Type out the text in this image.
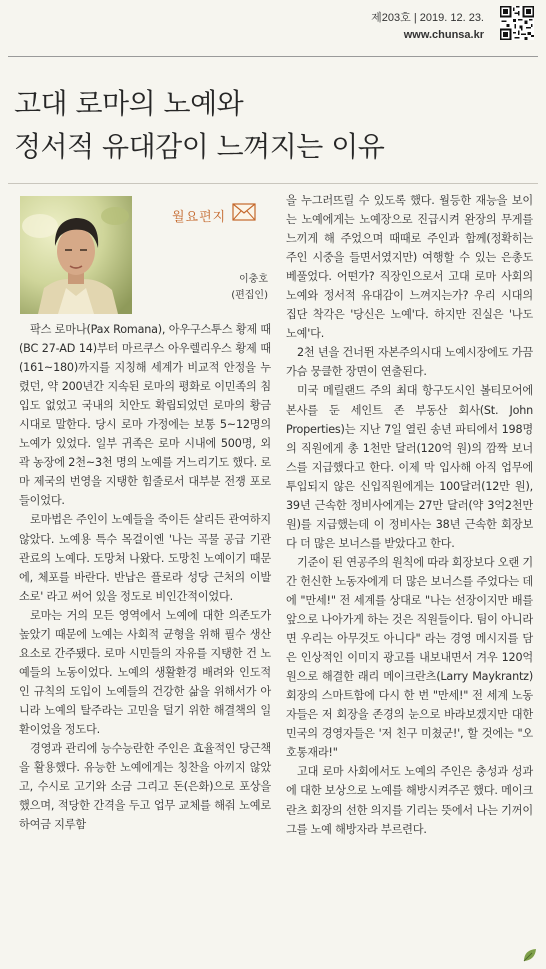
제203호 | 2019. 12. 23.
www.chunsa.kr
고대 로마의 노예와
정서적 유대감이 느껴지는 이유
월요편지
이충호
(편집인)

팍스 로마나(Pax Romana), 아우구스투스 황제 때(BC 27-AD 14)부터 마르쿠스 아우렐리우스 황제 때(161~180)까지를 지칭해 세계가 비교적 안정을 누렸던, 약 200년간 지속된 로마의 평화로 이민족의 침입도 없었고 국내의 치안도 확립되었던 로마의 황금시대로 말한다. 당시 로마 가정에는 보통 5~12명의 노예가 있었다. 일부 귀족은 로마 시내에 500명, 외곽 농장에 2천~3천 명의 노예를 거느리기도 했다. 로마 제국의 번영을 지탱한 힘줄로서 대부분 전쟁 포로들이었다.

로마법은 주인이 노예들을 죽이든 살리든 관여하지 않았다. 노예용 특수 목걸이엔 '나는 곡물 공급 기관 관료의 노예다. 도망쳐 나왔다. 도망친 노예이기 때문에, 체포를 바란다. 반납은 플로라 성당 근처의 이발소로' 라고 써어 있을 정도로 비인간적이었다.

로마는 거의 모든 영역에서 노예에 대한 의존도가 높았기 때문에 노예는 사회적 균형을 위해 필수 생산요소로 간주됐다. 로마 시민들의 자유를 지탱한 건 노예들의 노동이었다. 노예의 생활환경 배려와 인도적인 규칙의 도입이 노예들의 건강한 삶을 위해서가 아니라 노예의 탈주라는 고민을 덜기 위한 해결책의 일환이었을 정도다.

경영과 관리에 능수능란한 주인은 효율적인 당근책을 활용했다. 유능한 노예에게는 칭찬을 아끼지 않았고, 수시로 고기와 소금 그리고 돈(은화)으로 포상을 했으며, 적당한 간격을 두고 업무 교체를 해줘 노예로 하여금 지루함

을 누그러뜨릴 수 있도록 했다. 월등한 재능을 보이는 노예에게는 노예장으로 진급시켜 완장의 무게를 느끼게 해 주었으며 때때로 주인과 함께(정확히는 주인 시중을 들면서였지만) 여행할 수 있는 은총도 베풀었다. 어떤가? 직장인으로서 고대 로마 사회의 노예와 정서적 유대감이 느껴지는가? 우리 시대의 집단 착각은 '당신은 노예'다. 하지만 진실은 '나도 노예'다.

2천 년을 건너뛴 자본주의시대 노예시장에도 가끔 가슴 뭉클한 장면이 연출된다.

미국 메릴랜드 주의 최대 항구도시인 볼티모어에 본사를 둔 세인트 존 부동산 회사(St. John Properties)는 지난 7일 열린 송년 파티에서 198명의 직원에게 총 1천만 달러(120억 원)의 깜짝 보너스를 지급했다고 한다. 이제 막 입사해 아직 업무에 투입되지 않은 신입직원에게는 100달러(12만 원), 39년 근속한 정비사에게는 27만 달러(약 3억2천만 원)를 지급했는데 이 정비사는 38년 근속한 회장보다 더 많은 보너스를 받았다고 한다.

기준이 된 연공주의 원칙에 따라 회장보다 오랜 기간 헌신한 노동자에게 더 많은 보너스를 주었다는 데에 "만세!" 전 세계를 상대로 "나는 선장이지만 배를 앞으로 나아가게 하는 것은 직원들이다. 팀이 아니라면 우리는 아무것도 아니다" 라는 경영 메시지를 담은 인상적인 이미지 광고를 내보내면서 겨우 120억 원으로 해결한 래리 메이크란츠(Larry Maykrantz) 회장의 스마트함에 다시 한 번 "만세!" 전 세계 노동자들은 저 회장을 존경의 눈으로 바라보겠지만 대한민국의 경영자들은 '저 친구 미쳤군!', 할 것에는 "오호통재라!"

고대 로마 사회에서도 노예의 주인은 충성과 성과에 대한 보상으로 노예를 해방시켜주곤 했다. 메이크란츠 회장의 선한 의지를 기리는 뜻에서 나는 기꺼이 그를 노예 해방자라 부르련다.
